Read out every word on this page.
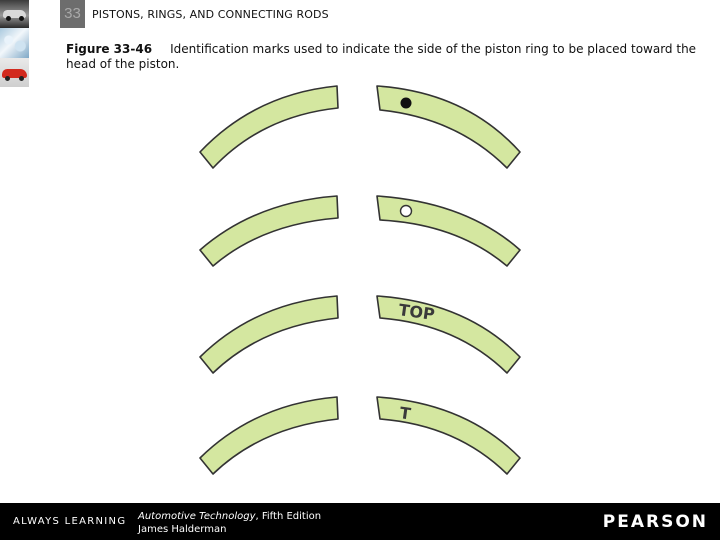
33	PISTONS, RINGS, AND CONNECTING RODS
Figure 33-46 Identification marks used to indicate the side of the piston ring to be placed toward the head of the piston.
TOP
T
ALWAYS LEARNING Automotive Technology, Fifth Edition
James Halderman	PEARSON
